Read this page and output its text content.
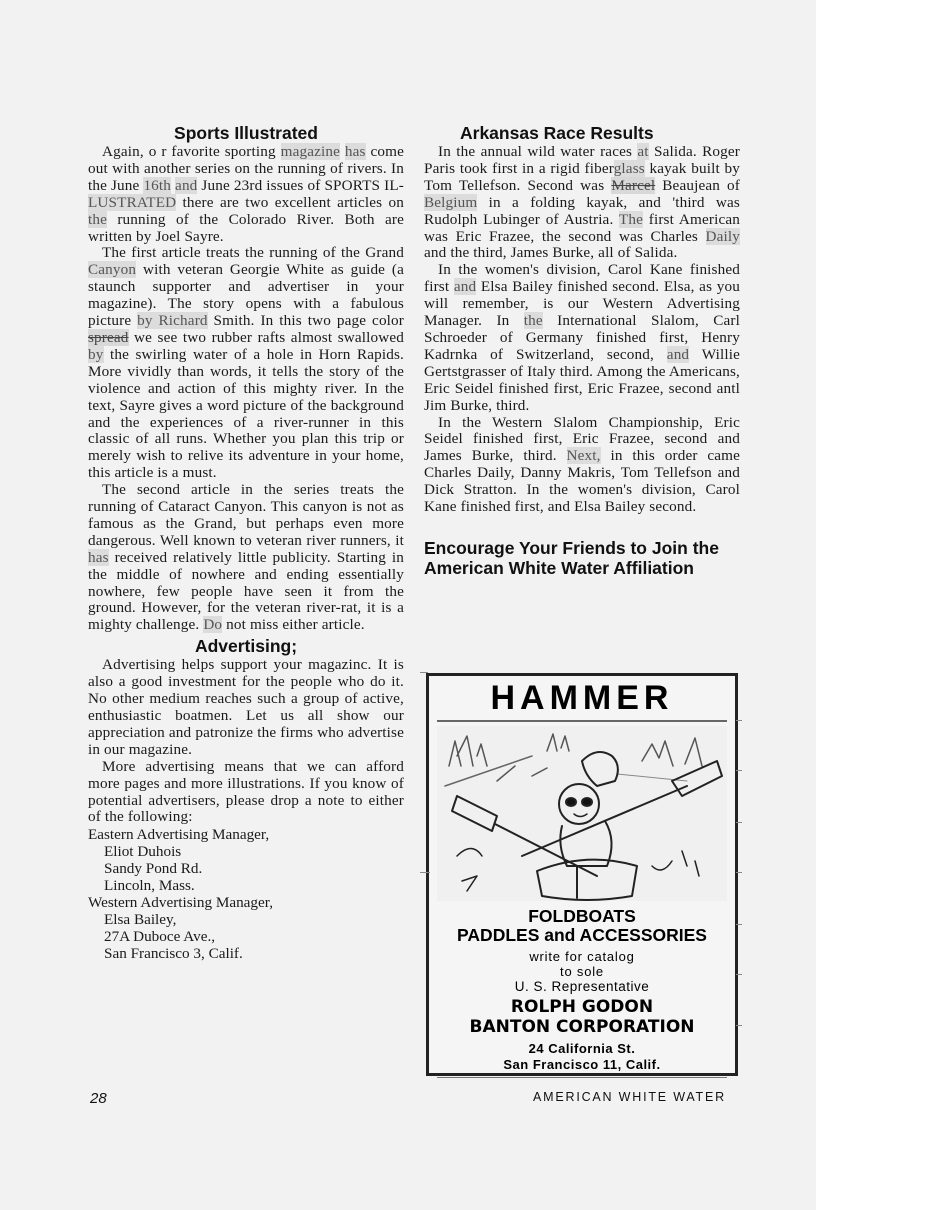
Sports Illustrated

Again, o r favorite sporting magazine has come out with another series on the running of rivers. In the June 16th and June 23rd issues of SPORTS IL-LUSTRATED there are two excellent articles on the running of the Colorado River. Both are written by Joel Sayre.

The first article treats the running of the Grand Canyon with veteran Georgie White as guide (a staunch supporter and advertiser in your magazine). The story opens with a fabulous picture by Richard Smith. In this two page color spread we see two rubber rafts almost swallowed by the swirling water of a hole in Horn Rapids. More vividly than words, it tells the story of the violence and action of this mighty river. In the text, Sayre gives a word picture of the background and the experiences of a river-runner in this classic of all runs. Whether you plan this trip or merely wish to relive its adventure in your home, this article is a must.

The second article in the series treats the running of Cataract Canyon. This canyon is not as famous as the Grand, but perhaps even more dangerous. Well known to veteran river runners, it has received relatively little publicity. Starting in the middle of nowhere and ending essentially nowhere, few people have seen it from the ground. However, for the veteran river-rat, it is a mighty challenge. Do not miss either article.

Advertising;

Advertising helps support your magazinc. It is also a good investment for the people who do it. No other medium reaches such a group of active, enthusiastic boatmen. Let us all show our appreciation and patronize the firms who advertise in our magazine.

More advertising means that we can afford more pages and more illustrations. If you know of potential advertisers, please drop a note to either of the following:

Eastern Advertising Manager,
Eliot Duhois
Sandy Pond Rd.
Lincoln, Mass.
Western Advertising Manager,
Elsa Bailey,
27A Duboce Ave.,
San Francisco 3, Calif.
Arkansas Race Results

In the annual wild water races at Salida. Roger Paris took first in a rigid fiberglass kayak built by Tom Tellefson. Second was Marcel Beaujean of Belgium in a folding kayak, and 'third was Rudolph Lubinger of Austria. The first American was Eric Frazee, the second was Charles Daily and the third, James Burke, all of Salida.

In the women's division, Carol Kane finished first and Elsa Bailey finished second. Elsa, as you will remember, is our Western Advertising Manager. In the International Slalom, Carl Schroeder of Germany finished first, Henry Kadrnka of Switzerland, second, and Willie Gertstgrasser of Italy third. Among the Americans, Eric Seidel finished first, Eric Frazee, second antl Jim Burke, third.

In the Western Slalom Championship, Eric Seidel finished first, Eric Frazee, second and James Burke, third. Next, in this order came Charles Daily, Danny Makris, Tom Tellefson and Dick Stratton. In the women's division, Carol Kane finished first, and Elsa Bailey second.

Encourage Your Friends to Join the
American White Water Affiliation
HAMMER
FOLDBOATS
PADDLES and ACCESSORIES
write for catalog
to sole
U. S. Representative
ROLPH GODON
BANTON CORPORATION
24 California St.
San Francisco 11, Calif.
28	AMERICAN WHITE WATER
